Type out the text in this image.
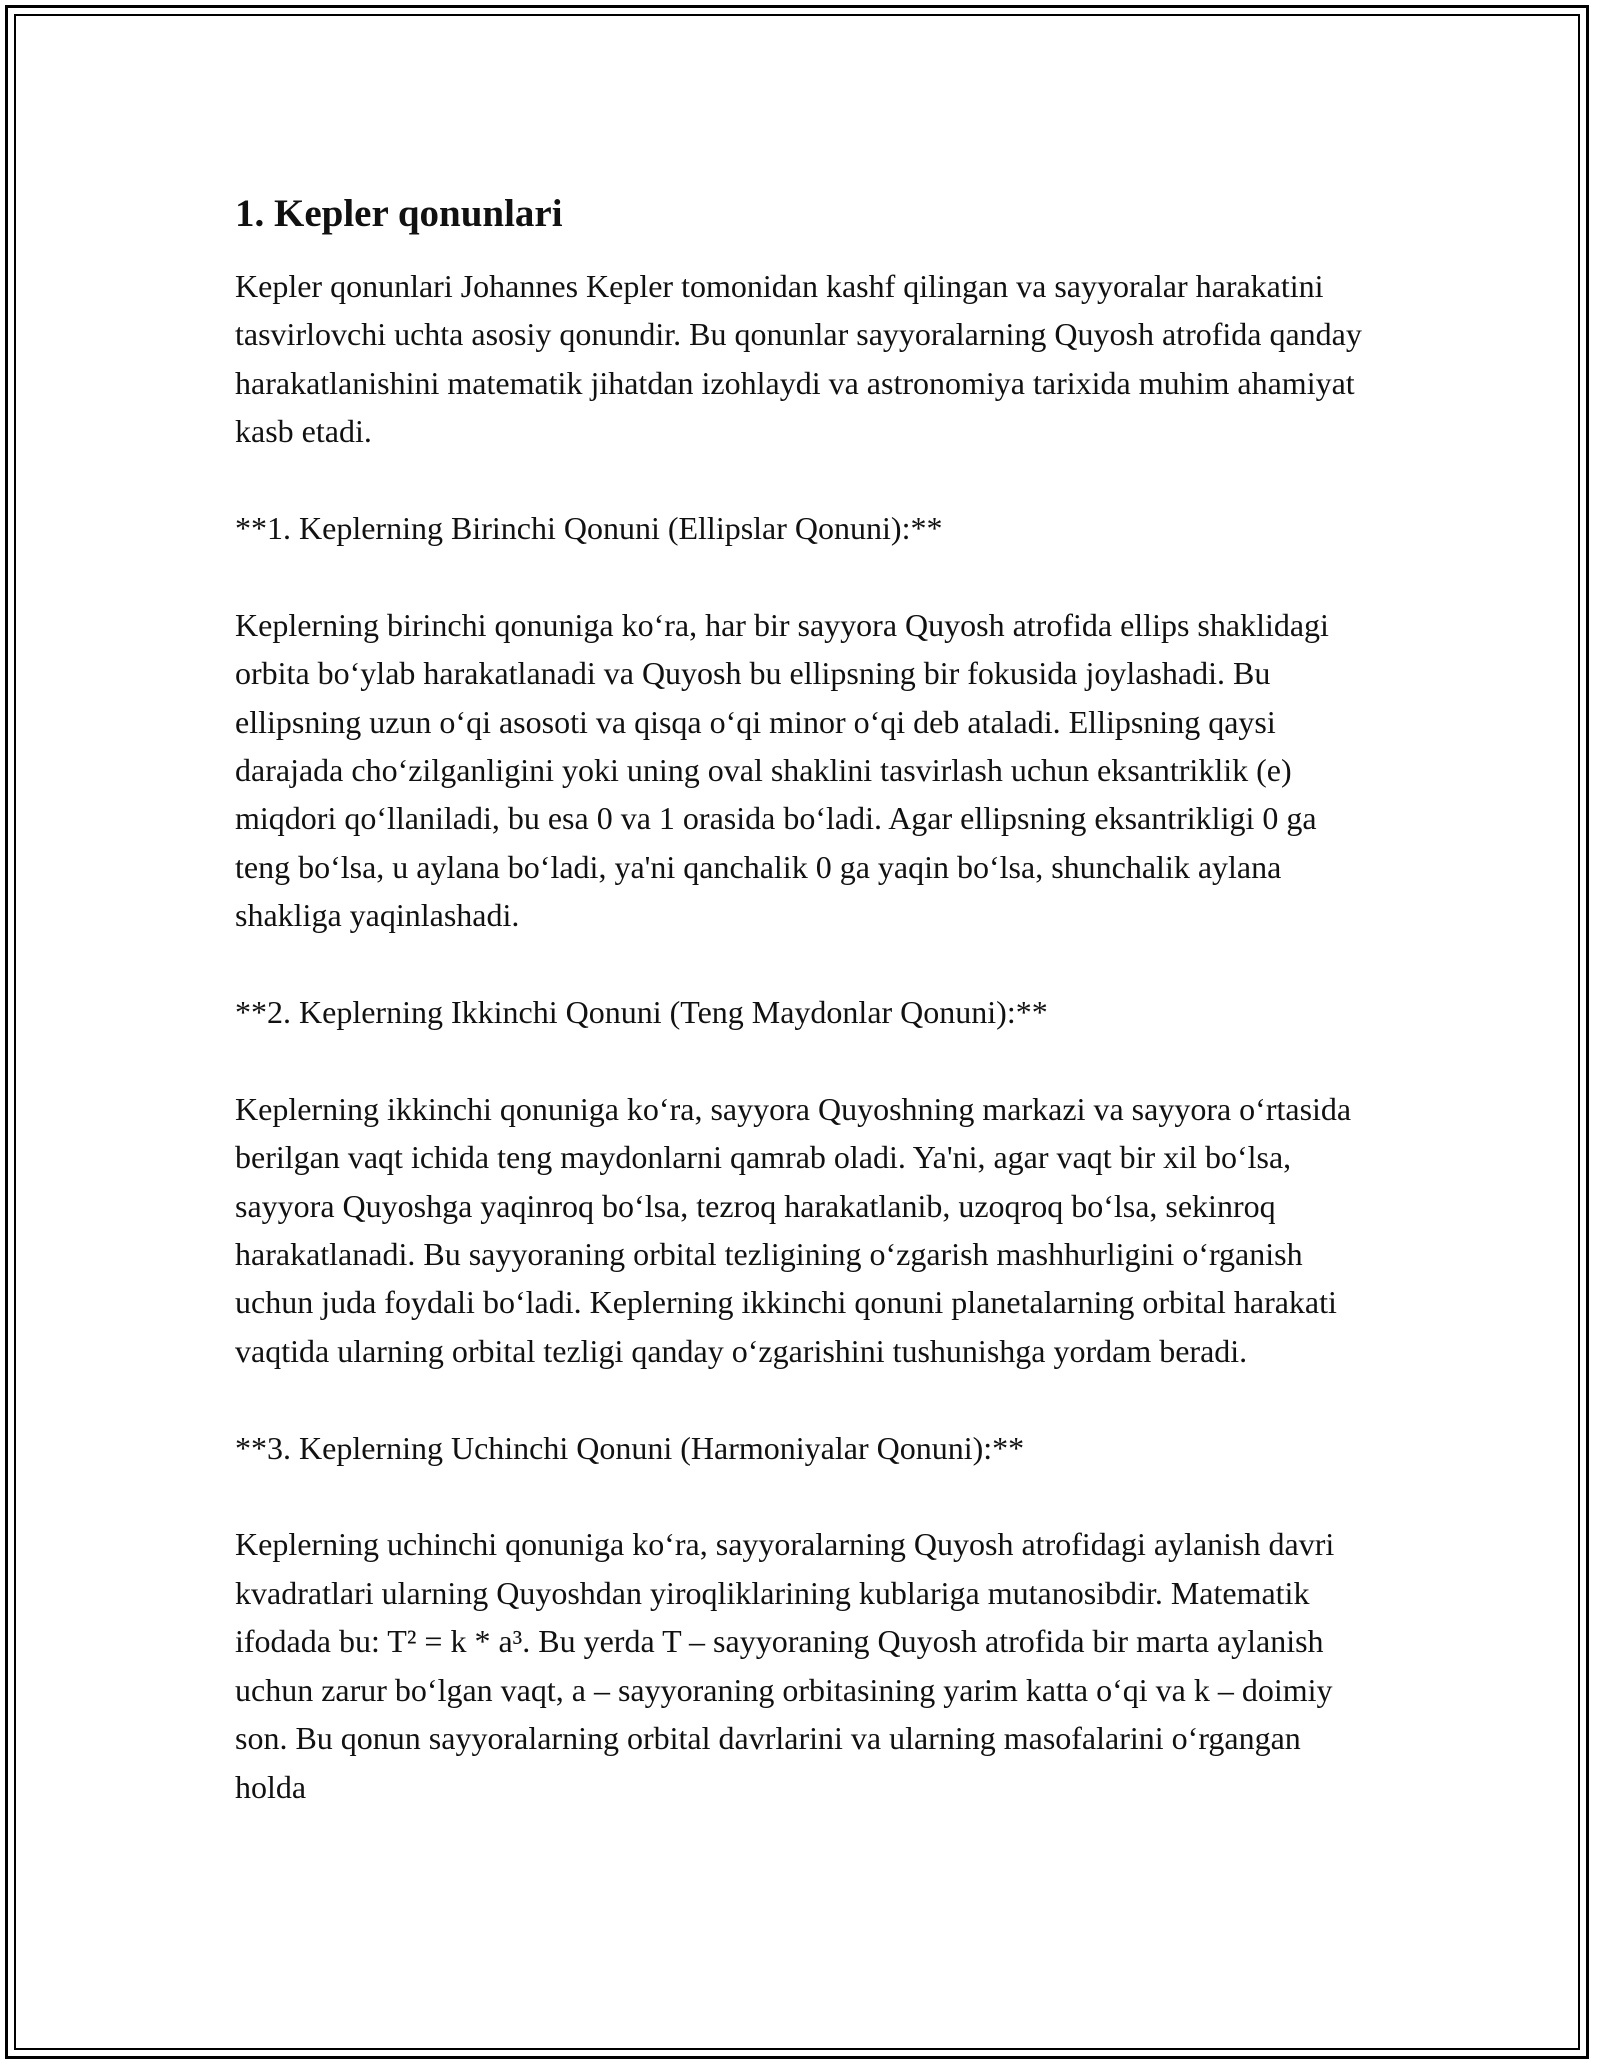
1. Kepler qonunlari

Kepler qonunlari Johannes Kepler tomonidan kashf qilingan va sayyoralar harakatini tasvirlovchi uchta asosiy qonundir. Bu qonunlar sayyoralarning Quyosh atrofida qanday harakatlanishini matematik jihatdan izohlaydi va astronomiya tarixida muhim ahamiyat kasb etadi.

**1. Keplerning Birinchi Qonuni (Ellipslar Qonuni):**

Keplerning birinchi qonuniga ko‘ra, har bir sayyora Quyosh atrofida ellips shaklidagi orbita bo‘ylab harakatlanadi va Quyosh bu ellipsning bir fokusida joylashadi. Bu ellipsning uzun o‘qi asosoti va qisqa o‘qi minor o‘qi deb ataladi. Ellipsning qaysi darajada cho‘zilganligini yoki uning oval shaklini tasvirlash uchun eksantriklik (e) miqdori qo‘llaniladi, bu esa 0 va 1 orasida bo‘ladi. Agar ellipsning eksantrikligi 0 ga teng bo‘lsa, u aylana bo‘ladi, ya'ni qanchalik 0 ga yaqin bo‘lsa, shunchalik aylana shakliga yaqinlashadi.

**2. Keplerning Ikkinchi Qonuni (Teng Maydonlar Qonuni):**

Keplerning ikkinchi qonuniga ko‘ra, sayyora Quyoshning markazi va sayyora o‘rtasida berilgan vaqt ichida teng maydonlarni qamrab oladi. Ya'ni, agar vaqt bir xil bo‘lsa, sayyora Quyoshga yaqinroq bo‘lsa, tezroq harakatlanib, uzoqroq bo‘lsa, sekinroq harakatlanadi. Bu sayyoraning orbital tezligining o‘zgarish mashhurligini o‘rganish uchun juda foydali bo‘ladi. Keplerning ikkinchi qonuni planetalarning orbital harakati vaqtida ularning orbital tezligi qanday o‘zgarishini tushunishga yordam beradi.

**3. Keplerning Uchinchi Qonuni (Harmoniyalar Qonuni):**

Keplerning uchinchi qonuniga ko‘ra, sayyoralarning Quyosh atrofidagi aylanish davri kvadratlari ularning Quyoshdan yiroqliklarining kublariga mutanosibdir. Matematik ifodada bu: T² = k * a³. Bu yerda T – sayyoraning Quyosh atrofida bir marta aylanish uchun zarur bo‘lgan vaqt, a – sayyoraning orbitasining yarim katta o‘qi va k – doimiy son. Bu qonun sayyoralarning orbital davrlarini va ularning masofalarini o‘rgangan holda
